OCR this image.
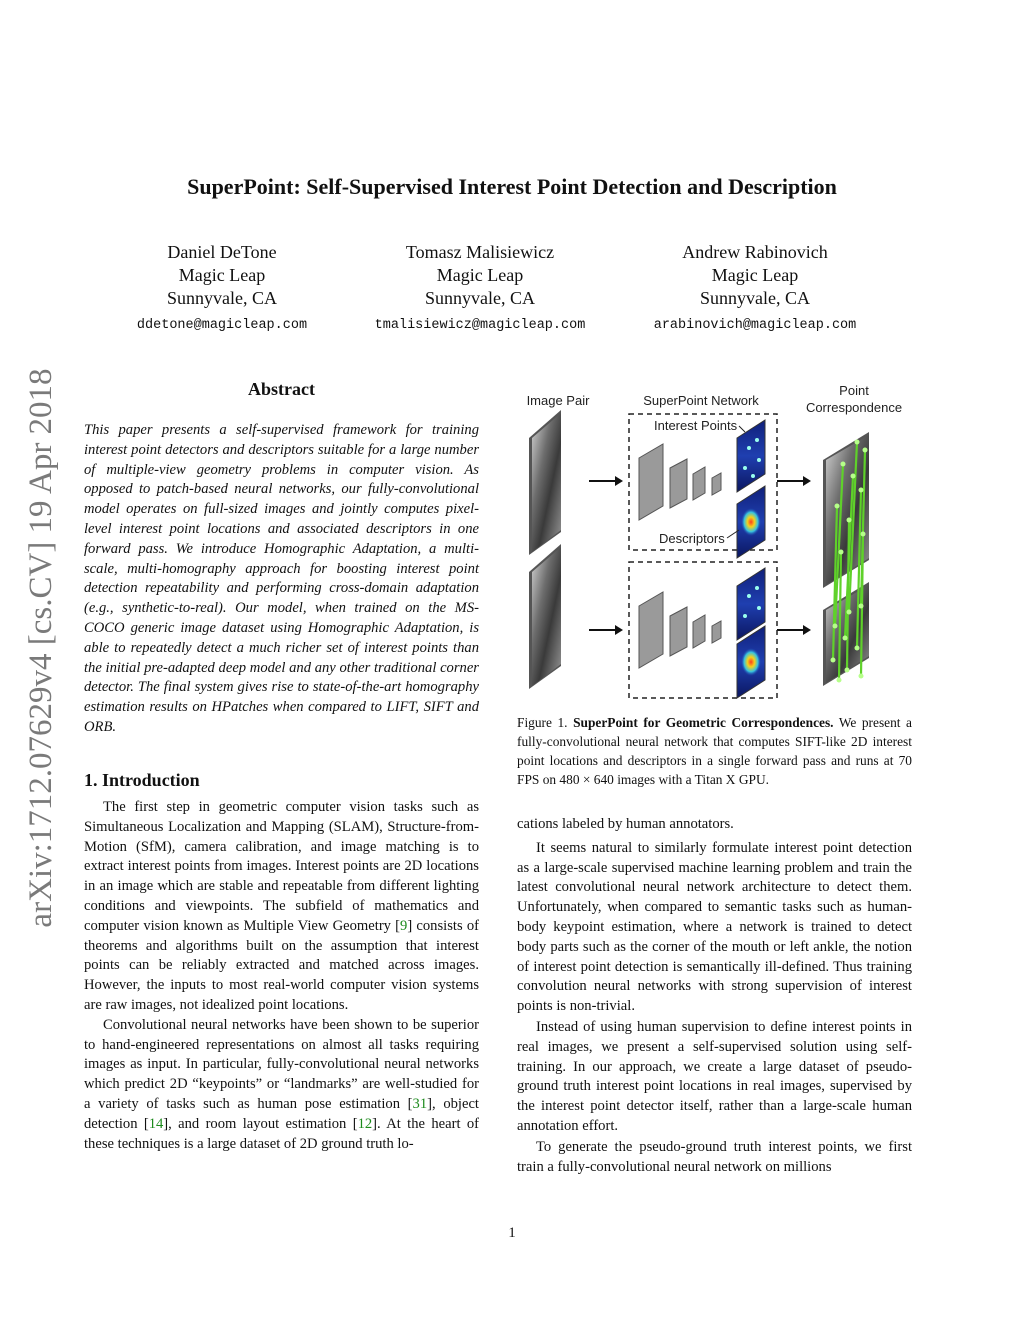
arXiv:1712.07629v4 [cs.CV] 19 Apr 2018
SuperPoint: Self-Supervised Interest Point Detection and Description
Daniel DeTone
Magic Leap
Sunnyvale, CA
ddetone@magicleap.com
Tomasz Malisiewicz
Magic Leap
Sunnyvale, CA
tmalisiewicz@magicleap.com
Andrew Rabinovich
Magic Leap
Sunnyvale, CA
arabinovich@magicleap.com
Abstract

This paper presents a self-supervised framework for training interest point detectors and descriptors suitable for a large number of multiple-view geometry problems in computer vision. As opposed to patch-based neural networks, our fully-convolutional model operates on full-sized images and jointly computes pixel-level interest point locations and associated descriptors in one forward pass. We introduce Homographic Adaptation, a multi-scale, multi-homography approach for boosting interest point detection repeatability and performing cross-domain adaptation (e.g., synthetic-to-real). Our model, when trained on the MS-COCO generic image dataset using Homographic Adaptation, is able to repeatedly detect a much richer set of interest points than the initial pre-adapted deep model and any other traditional corner detector. The final system gives rise to state-of-the-art homography estimation results on HPatches when compared to LIFT, SIFT and ORB.

1. Introduction

The first step in geometric computer vision tasks such as Simultaneous Localization and Mapping (SLAM), Structure-from-Motion (SfM), camera calibration, and image matching is to extract interest points from images. Interest points are 2D locations in an image which are stable and repeatable from different lighting conditions and viewpoints. The subfield of mathematics and computer vision known as Multiple View Geometry [9] consists of theorems and algorithms built on the assumption that interest points can be reliably extracted and matched across images. However, the inputs to most real-world computer vision systems are raw images, not idealized point locations.

Convolutional neural networks have been shown to be superior to hand-engineered representations on almost all tasks requiring images as input. In particular, fully-convolutional neural networks which predict 2D “keypoints” or “landmarks” are well-studied for a variety of tasks such as human pose estimation [31], object detection [14], and room layout estimation [12]. At the heart of these techniques is a large dataset of 2D ground truth lo-

Image Pair	SuperPoint Network
Point
Correspondence
Interest Points
Descriptors
Figure 1. SuperPoint for Geometric Correspondences. We present a fully-convolutional neural network that computes SIFT-like 2D interest point locations and descriptors in a single forward pass and runs at 70 FPS on 480 × 640 images with a Titan X GPU.

cations labeled by human annotators.

It seems natural to similarly formulate interest point detection as a large-scale supervised machine learning problem and train the latest convolutional neural network architecture to detect them. Unfortunately, when compared to semantic tasks such as human-body keypoint estimation, where a network is trained to detect body parts such as the corner of the mouth or left ankle, the notion of interest point detection is semantically ill-defined. Thus training convolution neural networks with strong supervision of interest points is non-trivial.

Instead of using human supervision to define interest points in real images, we present a self-supervised solution using self-training. In our approach, we create a large dataset of pseudo-ground truth interest point locations in real images, supervised by the interest point detector itself, rather than a large-scale human annotation effort.

To generate the pseudo-ground truth interest points, we first train a fully-convolutional neural network on millions

1
